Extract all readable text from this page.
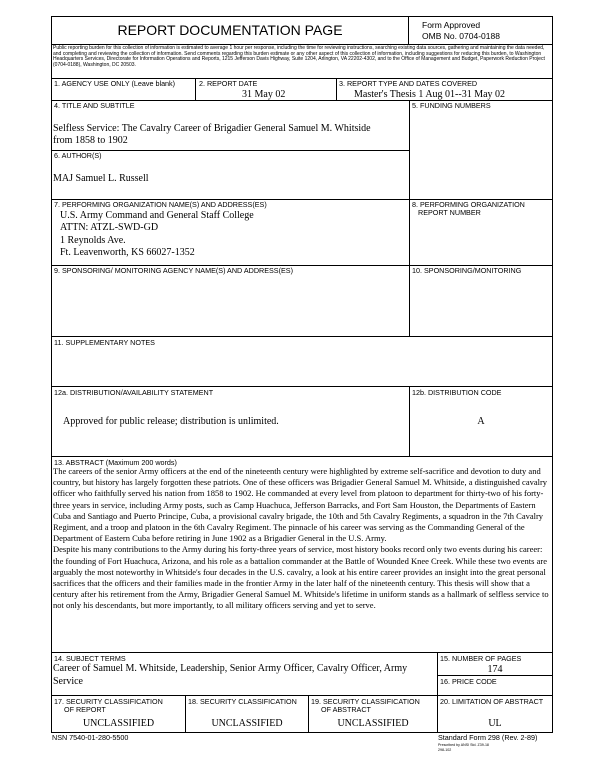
REPORT DOCUMENTATION PAGE	Form Approved
OMB No. 0704-0188
Public reporting burden for this collection of information is estimated to average 1 hour per response, including the time for reviewing instructions, searching existing data sources, gathering and maintaining the data needed, and completing and reviewing the collection of information. Send comments regarding this burden estimate or any other aspect of this collection of information, including suggestions for reducing this burden, to Washington Headquarters Services, Directorate for Information Operations and Reports, 1215 Jefferson Davis Highway, Suite 1204, Arlington, VA 22202-4302, and to the Office of Management and Budget, Paperwork Reduction Project (0704-0188), Washington, DC 20503.
1. AGENCY USE ONLY (Leave blank)	2. REPORT DATE
31 May 02
3. REPORT TYPE AND DATES COVERED
Master's Thesis 1 Aug 01--31 May 02
4. TITLE AND SUBTITLE
Selfless Service: The Cavalry Career of Brigadier General Samuel M. Whitside
from 1858 to 1902
5. FUNDING NUMBERS
6. AUTHOR(S)
MAJ Samuel L. Russell
7. PERFORMING ORGANIZATION NAME(S) AND ADDRESS(ES)
U.S. Army Command and General Staff College
ATTN: ATZL-SWD-GD
1 Reynolds Ave.
Ft. Leavenworth, KS 66027-1352
8. PERFORMING ORGANIZATION
REPORT NUMBER
9. SPONSORING/ MONITORING AGENCY NAME(S) AND ADDRESS(ES)	10. SPONSORING/MONITORING
11. SUPPLEMENTARY NOTES
12a. DISTRIBUTION/AVAILABILITY STATEMENT
Approved for public release; distribution is unlimited.
12b. DISTRIBUTION CODE
A
13. ABSTRACT (Maximum 200 words)

The careers of the senior Army officers at the end of the nineteenth century were highlighted by extreme self-sacrifice and devotion to duty and country, but history has largely forgotten these patriots. One of these officers was Brigadier General Samuel M. Whitside, a distinguished cavalry officer who faithfully served his nation from 1858 to 1902. He commanded at every level from platoon to department for thirty-two of his forty-three years in service, including Army posts, such as Camp Huachuca, Jefferson Barracks, and Fort Sam Houston, the Departments of Eastern Cuba and Santiago and Puerto Principe, Cuba, a provisional cavalry brigade, the 10th and 5th Cavalry Regiments, a squadron in the 7th Cavalry Regiment, and a troop and platoon in the 6th Cavalry Regiment. The pinnacle of his career was serving as the Commanding General of the Department of Eastern Cuba before retiring in June 1902 as a Brigadier General in the U.S. Army.

Despite his many contributions to the Army during his forty-three years of service, most history books record only two events during his career: the founding of Fort Huachuca, Arizona, and his role as a battalion commander at the Battle of Wounded Knee Creek. While these two events are arguably the most noteworthy in Whitside's four decades in the U.S. cavalry, a look at his entire career provides an insight into the great personal sacrifices that the officers and their families made in the frontier Army in the later half of the nineteenth century. This thesis will show that a century after his retirement from the Army, Brigadier General Samuel M. Whitside's lifetime in uniform stands as a hallmark of selfless service to not only his descendants, but more importantly, to all military officers serving and yet to serve.

14. SUBJECT TERMS
Career of Samuel M. Whitside, Leadership, Senior Army Officer, Cavalry Officer, Army Service
15. NUMBER OF PAGES
174
16. PRICE CODE
17. SECURITY CLASSIFICATION
OF REPORT
UNCLASSIFIED
18. SECURITY CLASSIFICATION
UNCLASSIFIED
19. SECURITY CLASSIFICATION
OF ABSTRACT
UNCLASSIFIED
20. LIMITATION OF ABSTRACT
UL
NSN 7540-01-280-5500	Standard Form 298 (Rev. 2-89)
Prescribed by ANSI Std. Z39-18
298-102
